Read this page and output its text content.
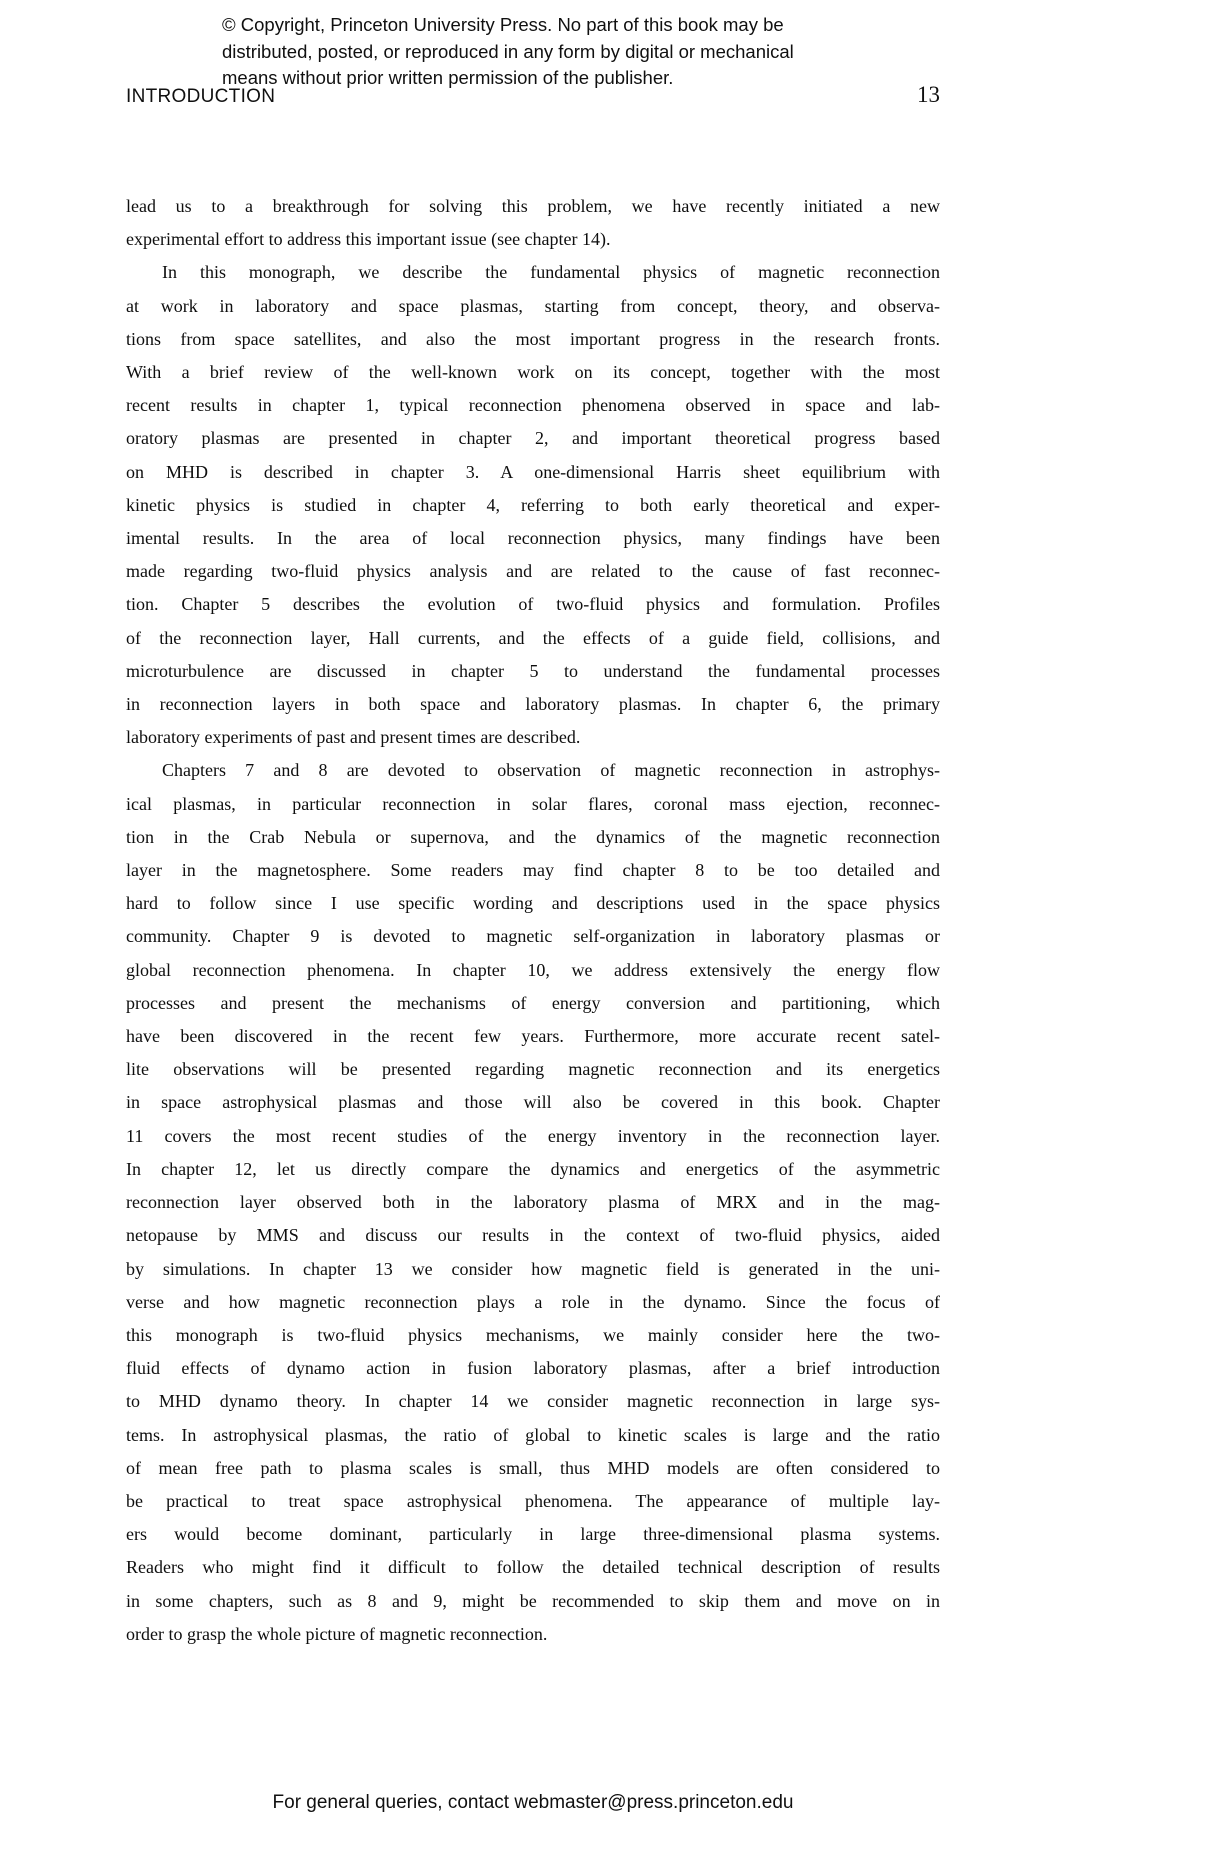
© Copyright, Princeton University Press. No part of this book may be
distributed, posted, or reproduced in any form by digital or mechanical
means without prior written permission of the publisher.
INTRODUCTION	13
lead us to a breakthrough for solving this problem, we have recently initiated a new
experimental effort to address this important issue (see chapter 14).
In this monograph, we describe the fundamental physics of magnetic reconnection
at work in laboratory and space plasmas, starting from concept, theory, and observa-
tions from space satellites, and also the most important progress in the research fronts.
With a brief review of the well-known work on its concept, together with the most
recent results in chapter 1, typical reconnection phenomena observed in space and lab-
oratory plasmas are presented in chapter 2, and important theoretical progress based
on MHD is described in chapter 3. A one-dimensional Harris sheet equilibrium with
kinetic physics is studied in chapter 4, referring to both early theoretical and exper-
imental results. In the area of local reconnection physics, many findings have been
made regarding two-fluid physics analysis and are related to the cause of fast reconnec-
tion. Chapter 5 describes the evolution of two-fluid physics and formulation. Profiles
of the reconnection layer, Hall currents, and the effects of a guide field, collisions, and
microturbulence are discussed in chapter 5 to understand the fundamental processes
in reconnection layers in both space and laboratory plasmas. In chapter 6, the primary
laboratory experiments of past and present times are described.
Chapters 7 and 8 are devoted to observation of magnetic reconnection in astrophys-
ical plasmas, in particular reconnection in solar flares, coronal mass ejection, reconnec-
tion in the Crab Nebula or supernova, and the dynamics of the magnetic reconnection
layer in the magnetosphere. Some readers may find chapter 8 to be too detailed and
hard to follow since I use specific wording and descriptions used in the space physics
community. Chapter 9 is devoted to magnetic self-organization in laboratory plasmas or
global reconnection phenomena. In chapter 10, we address extensively the energy flow
processes and present the mechanisms of energy conversion and partitioning, which
have been discovered in the recent few years. Furthermore, more accurate recent satel-
lite observations will be presented regarding magnetic reconnection and its energetics
in space astrophysical plasmas and those will also be covered in this book. Chapter
11 covers the most recent studies of the energy inventory in the reconnection layer.
In chapter 12, let us directly compare the dynamics and energetics of the asymmetric
reconnection layer observed both in the laboratory plasma of MRX and in the mag-
netopause by MMS and discuss our results in the context of two-fluid physics, aided
by simulations. In chapter 13 we consider how magnetic field is generated in the uni-
verse and how magnetic reconnection plays a role in the dynamo. Since the focus of
this monograph is two-fluid physics mechanisms, we mainly consider here the two-
fluid effects of dynamo action in fusion laboratory plasmas, after a brief introduction
to MHD dynamo theory. In chapter 14 we consider magnetic reconnection in large sys-
tems. In astrophysical plasmas, the ratio of global to kinetic scales is large and the ratio
of mean free path to plasma scales is small, thus MHD models are often considered to
be practical to treat space astrophysical phenomena. The appearance of multiple lay-
ers would become dominant, particularly in large three-dimensional plasma systems.
Readers who might find it difficult to follow the detailed technical description of results
in some chapters, such as 8 and 9, might be recommended to skip them and move on in
order to grasp the whole picture of magnetic reconnection.
For general queries, contact webmaster@press.princeton.edu
